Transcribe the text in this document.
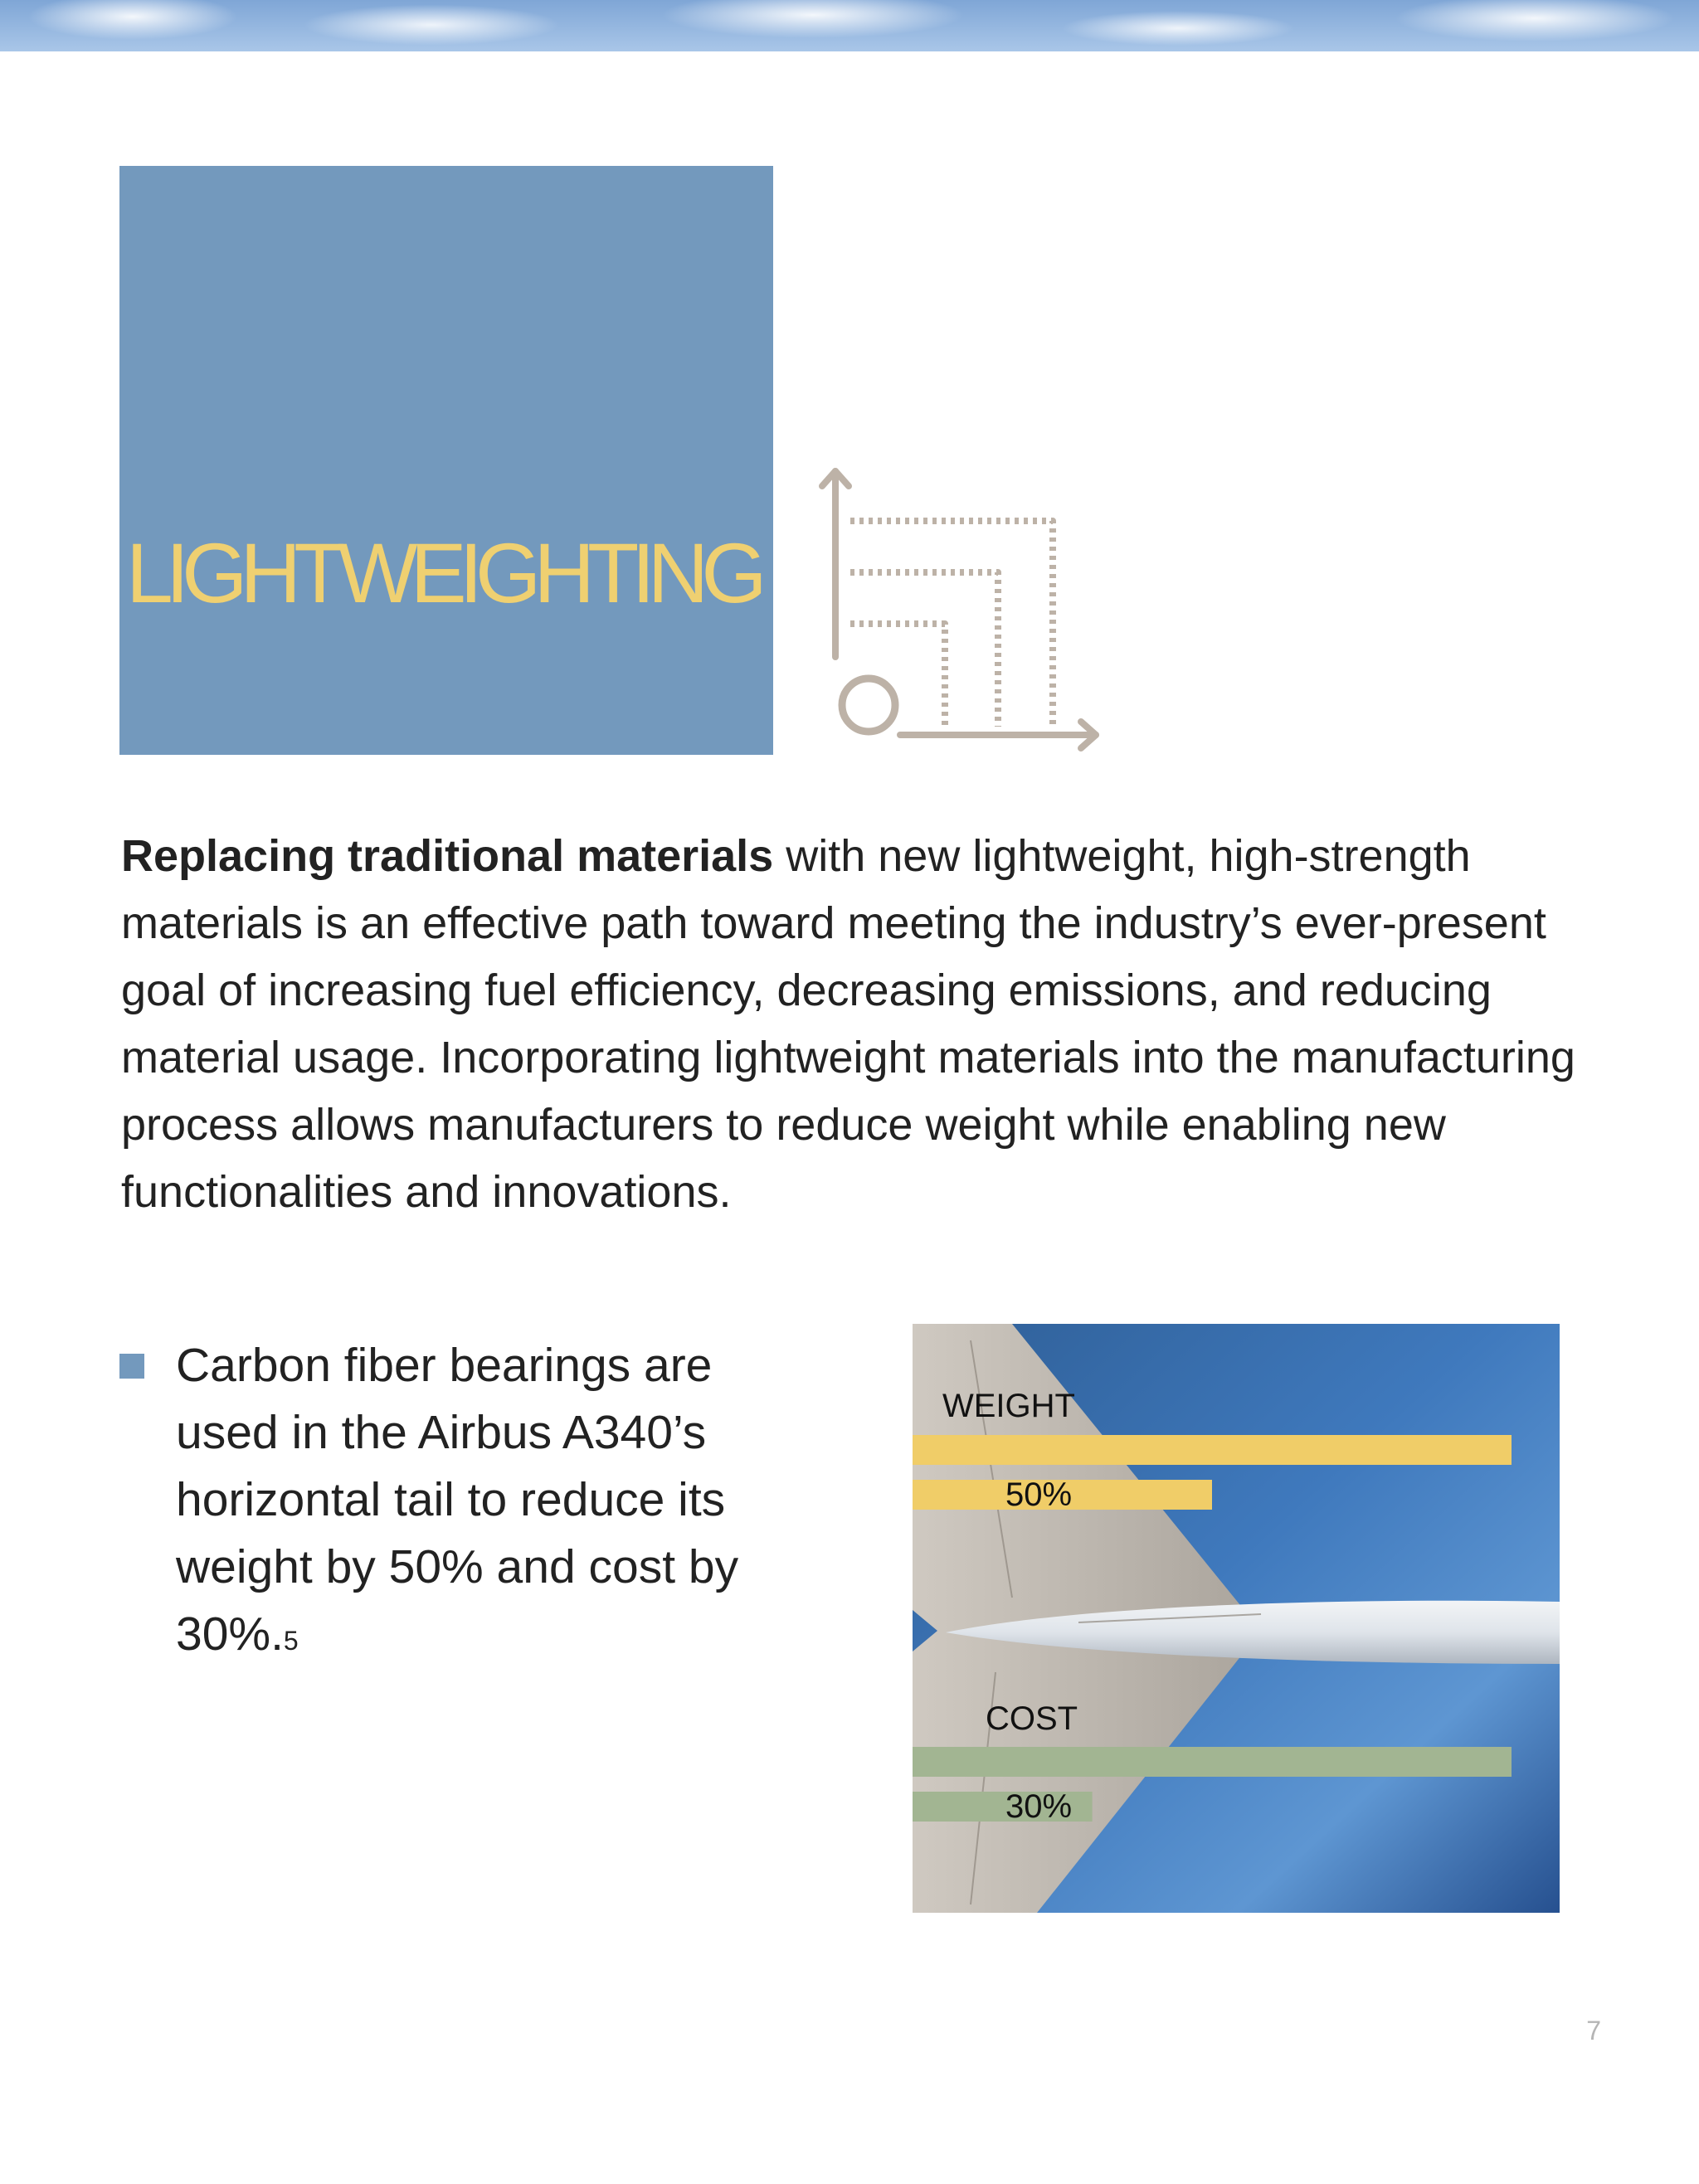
LIGHTWEIGHTING

Replacing traditional materials with new lightweight, high-strength materials is an effective path toward meeting the industry’s ever-present goal of increasing fuel efficiency, decreasing emissions, and reducing material usage. Incorporating lightweight materials into the manufacturing process allows manufacturers to reduce weight while enabling new functionalities and innovations.

Carbon fiber bearings are used in the Airbus A340’s horizontal tail to reduce its weight by 50% and cost by 30%.$^5$
WEIGHT
50%
COST
30%
7
